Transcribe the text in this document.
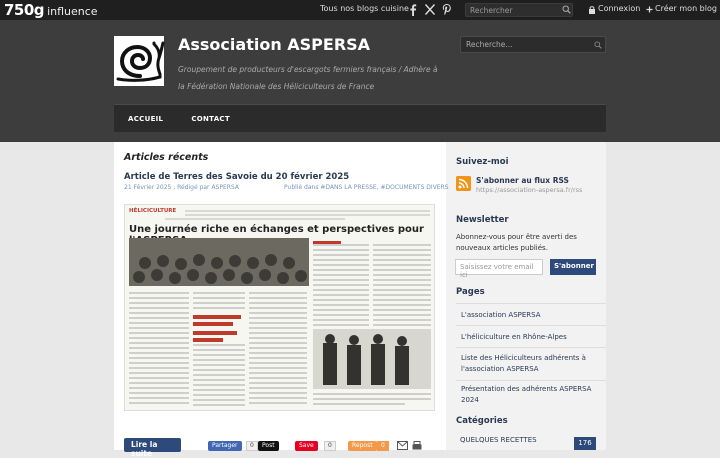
750g influence	Tous nos blogs cuisine	Rechercher	Connexion Créer mon blog
Association ASPERSA
Groupement de producteurs d'escargots fermiers français / Adhère à la Fédération Nationale des Héliciculteurs de France
Recherche...
ACCUEIL	CONTACT
Articles récents
Article de Terres des Savoie du 20 février 2025
21 Février 2025 , Rédigé par ASPERSA	Publié dans #DANS LA PRESSE, #DOCUMENTS DIVERS
HÉLICICULTURE
Une journée riche en échanges et perspectives pour
Lire la suite
Partager	0	Post	Save	0	Repost	0
Suivez-moi
S'abonner au flux RSS
https://association-aspersa.fr/rss
Newsletter
Abonnez-vous pour être averti des nouveaux articles publiés.
Saisissez votre email ici
S'abonner
Pages
L'association ASPERSA
L'héliciculture en Rhône-Alpes
Liste des Héliciculteurs adhérents à l'association ASPERSA
Présentation des adhérents ASPERSA 2024
Catégories
QUELQUES RECETTES	176
